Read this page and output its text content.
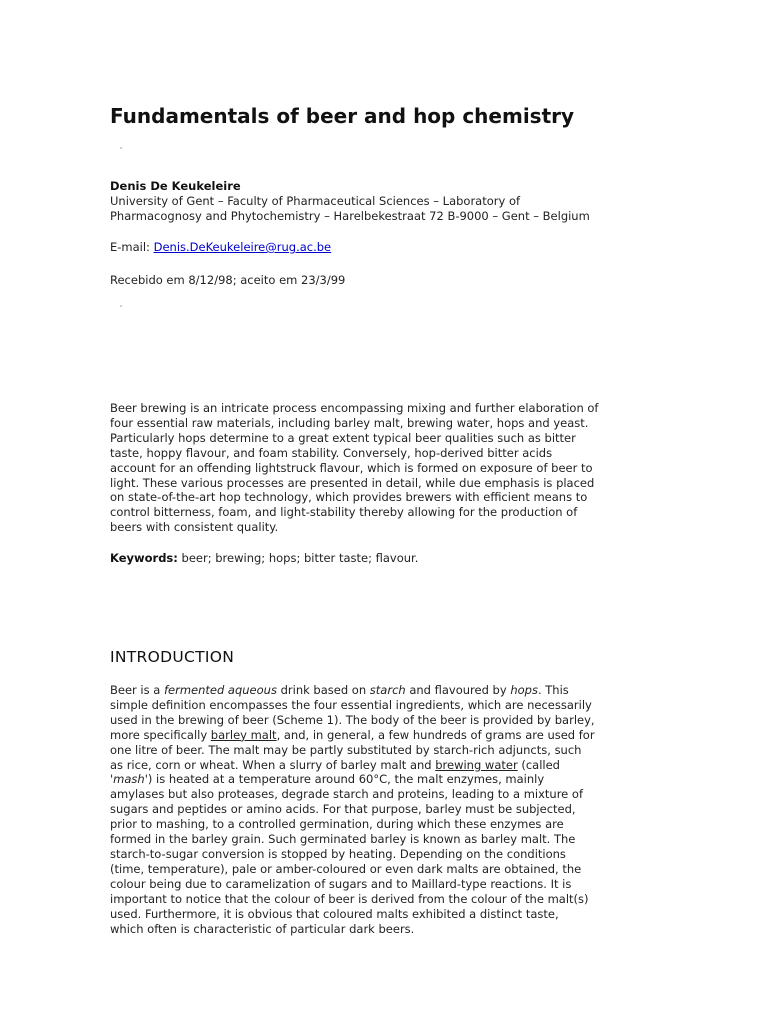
Fundamentals of beer and hop chemistry
Denis De Keukeleire
University of Gent – Faculty of Pharmaceutical Sciences – Laboratory of
Pharmacognosy and Phytochemistry – Harelbekestraat 72 B-9000 – Gent – Belgium
E-mail: Denis.DeKeukeleire@rug.ac.be
Recebido em 8/12/98; aceito em 23/3/99

Beer brewing is an intricate process encompassing mixing and further elaboration of
four essential raw materials, including barley malt, brewing water, hops and yeast.
Particularly hops determine to a great extent typical beer qualities such as bitter
taste, hoppy flavour, and foam stability. Conversely, hop-derived bitter acids
account for an offending lightstruck flavour, which is formed on exposure of beer to
light. These various processes are presented in detail, while due emphasis is placed
on state-of-the-art hop technology, which provides brewers with efficient means to
control bitterness, foam, and light-stability thereby allowing for the production of
beers with consistent quality.

Keywords: beer; brewing; hops; bitter taste; flavour.
INTRODUCTION

Beer is a fermented aqueous drink based on starch and flavoured by hops. This
simple definition encompasses the four essential ingredients, which are necessarily
used in the brewing of beer (Scheme 1). The body of the beer is provided by barley,
more specifically barley malt, and, in general, a few hundreds of grams are used for
one litre of beer. The malt may be partly substituted by starch-rich adjuncts, such
as rice, corn or wheat. When a slurry of barley malt and brewing water (called
'mash') is heated at a temperature around 60°C, the malt enzymes, mainly
amylases but also proteases, degrade starch and proteins, leading to a mixture of
sugars and peptides or amino acids. For that purpose, barley must be subjected,
prior to mashing, to a controlled germination, during which these enzymes are
formed in the barley grain. Such germinated barley is known as barley malt. The
starch-to-sugar conversion is stopped by heating. Depending on the conditions
(time, temperature), pale or amber-coloured or even dark malts are obtained, the
colour being due to caramelization of sugars and to Maillard-type reactions. It is
important to notice that the colour of beer is derived from the colour of the malt(s)
used. Furthermore, it is obvious that coloured malts exhibited a distinct taste,
which often is characteristic of particular dark beers.
